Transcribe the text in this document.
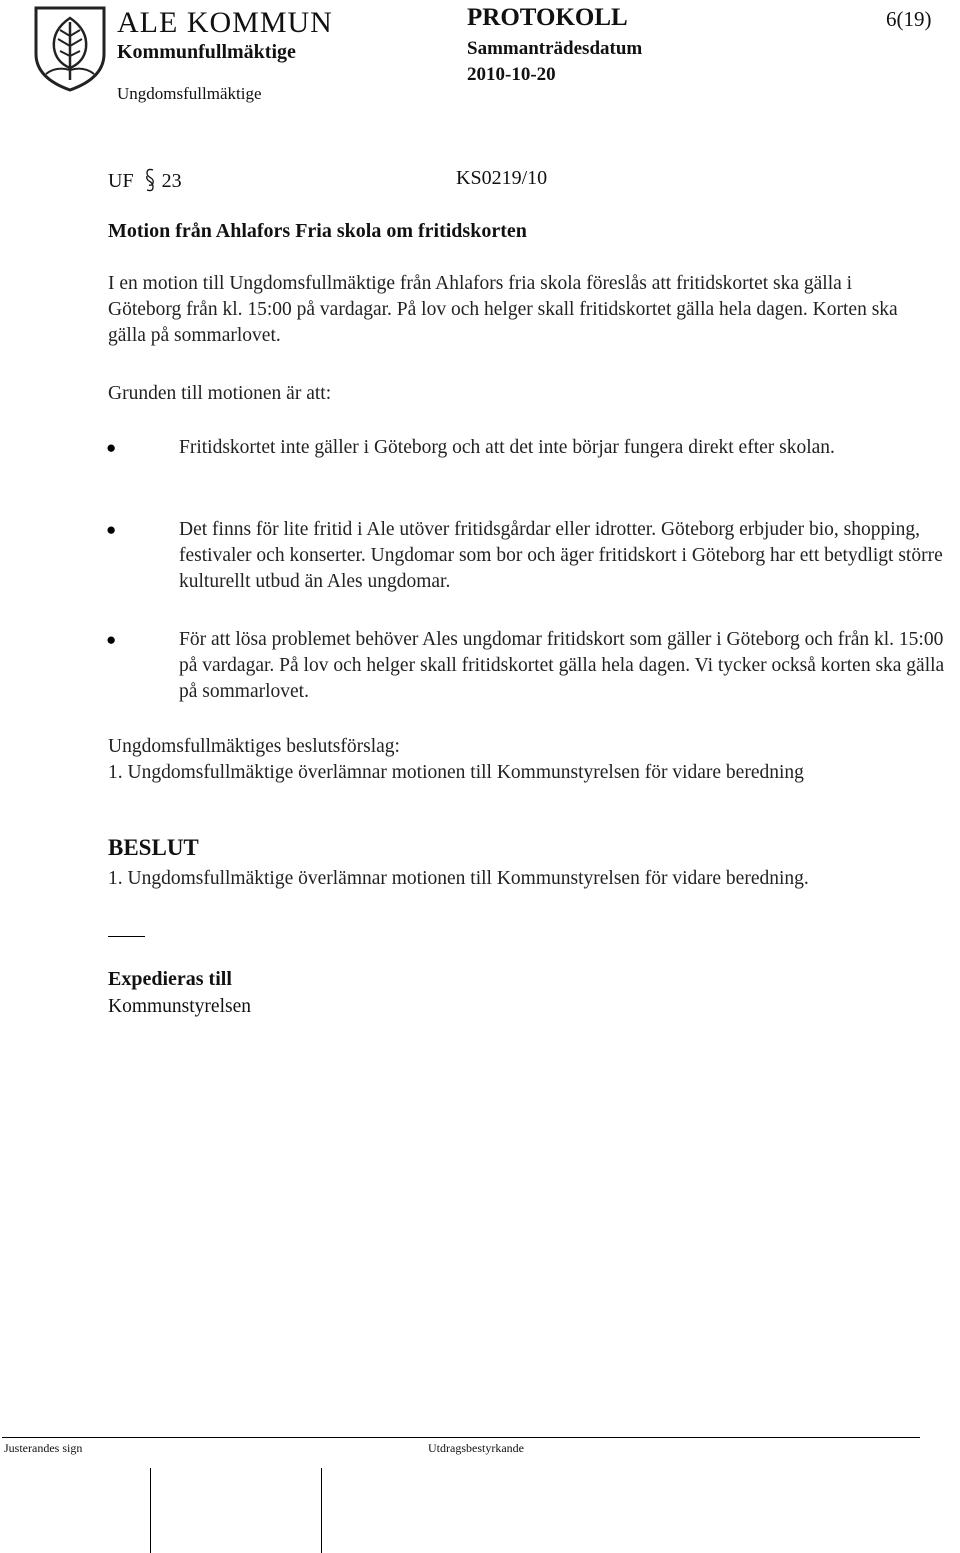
ALE KOMMUN
Kommunfullmäktige
Ungdomsfullmäktige
PROTOKOLL	6(19)
Sammanträdesdatum
2010-10-20
UF 23	KS0219/10
Motion från Ahlafors Fria skola om fritidskorten
I en motion till Ungdomsfullmäktige från Ahlafors fria skola föreslås att fritidskortet ska gälla i Göteborg från kl. 15:00 på vardagar. På lov och helger skall fritidskortet gälla hela dagen. Korten ska gälla på sommarlovet.
Grunden till motionen är att:
●	Fritidskortet inte gäller i Göteborg och att det inte börjar fungera direkt efter skolan.
●	Det finns för lite fritid i Ale utöver fritidsgårdar eller idrotter. Göteborg erbjuder bio, shopping, festivaler och konserter. Ungdomar som bor och äger fritidskort i Göteborg har ett betydligt större kulturellt utbud än Ales ungdomar.
●	För att lösa problemet behöver Ales ungdomar fritidskort som gäller i Göteborg och från kl. 15:00 på vardagar. På lov och helger skall fritidskortet gälla hela dagen. Vi tycker också korten ska gälla på sommarlovet.
Ungdomsfullmäktiges beslutsförslag:
1. Ungdomsfullmäktige överlämnar motionen till Kommunstyrelsen för vidare beredning
BESLUT
1. Ungdomsfullmäktige överlämnar motionen till Kommunstyrelsen för vidare beredning.
Expedieras till
Kommunstyrelsen
Justerandes sign	Utdragsbestyrkande
